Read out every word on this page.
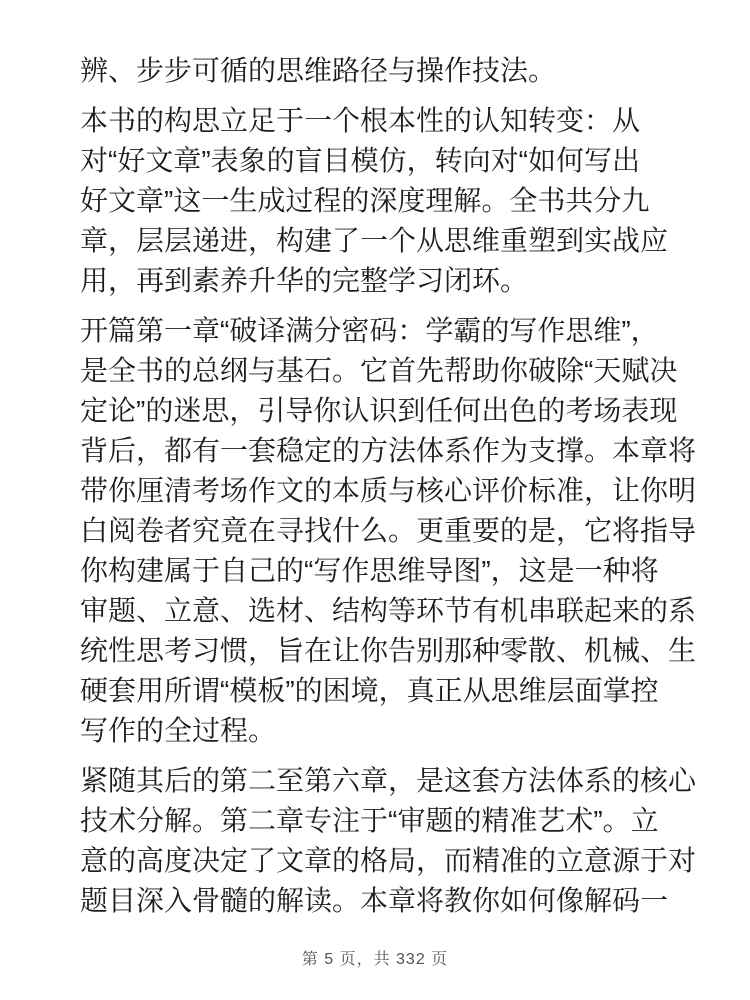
辨、步步可循的思维路径与操作技法。
本书的构思立足于一个根本性的认知转变：从
对“好文章”表象的盲目模仿，转向对“如何写出
好文章”这一生成过程的深度理解。全书共分九
章，层层递进，构建了一个从思维重塑到实战应
用，再到素养升华的完整学习闭环。
开篇第一章“破译满分密码：学霸的写作思维”，
是全书的总纲与基石。它首先帮助你破除“天赋决
定论”的迷思，引导你认识到任何出色的考场表现
背后，都有一套稳定的方法体系作为支撑。本章将
带你厘清考场作文的本质与核心评价标准，让你明
白阅卷者究竟在寻找什么。更重要的是，它将指导
你构建属于自己的“写作思维导图”，这是一种将
审题、立意、选材、结构等环节有机串联起来的系
统性思考习惯，旨在让你告别那种零散、机械、生
硬套用所谓“模板”的困境，真正从思维层面掌控
写作的全过程。
紧随其后的第二至第六章，是这套方法体系的核心
技术分解。第二章专注于“审题的精准艺术”。立
意的高度决定了文章的格局，而精准的立意源于对
题目深入骨髓的解读。本章将教你如何像解码一
第 5 页，共 332 页
